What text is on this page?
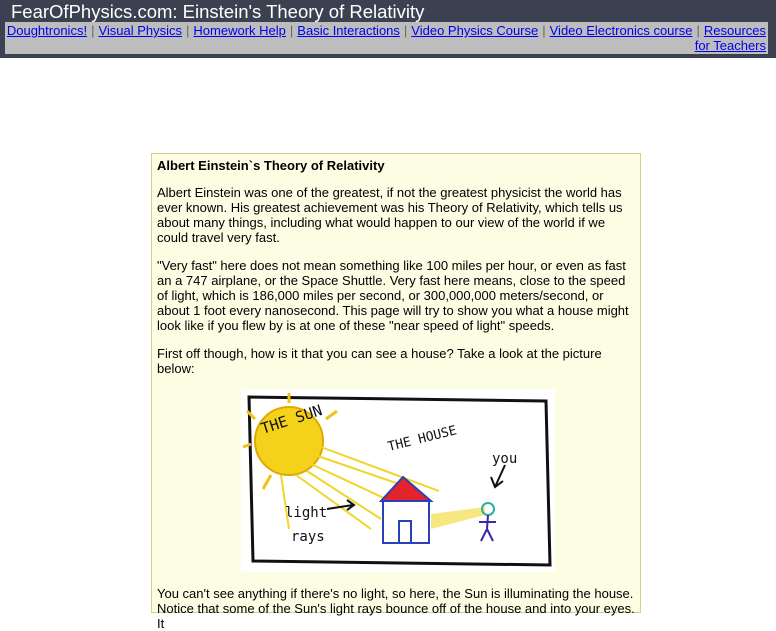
FearOfPhysics.com: Einstein's Theory of Relativity
Doughtronics! | Visual Physics | Homework Help | Basic Interactions | Video Physics Course | Video Electronics course | Resources for Teachers
Albert Einstein`s Theory of Relativity

Albert Einstein was one of the greatest, if not the greatest physicist the world has ever known. His greatest achievement was his Theory of Relativity, which tells us about many things, including what would happen to our view of the world if we could travel very fast.

"Very fast" here does not mean something like 100 miles per hour, or even as fast an a 747 airplane, or the Space Shuttle. Very fast here means, close to the speed of light, which is 186,000 miles per second, or 300,000,000 meters/second, or about 1 foot every nanosecond. This page will try to show you what a house might look like if you flew by is at one of these "near speed of light" speeds.

First off though, how is it that you can see a house? Take a look at the picture below:

THE SUN
THE HOUSE
you
light
rays

You can't see anything if there's no light, so here, the Sun is illuminating the house. Notice that some of the Sun's light rays bounce off of the house and into your eyes. It
